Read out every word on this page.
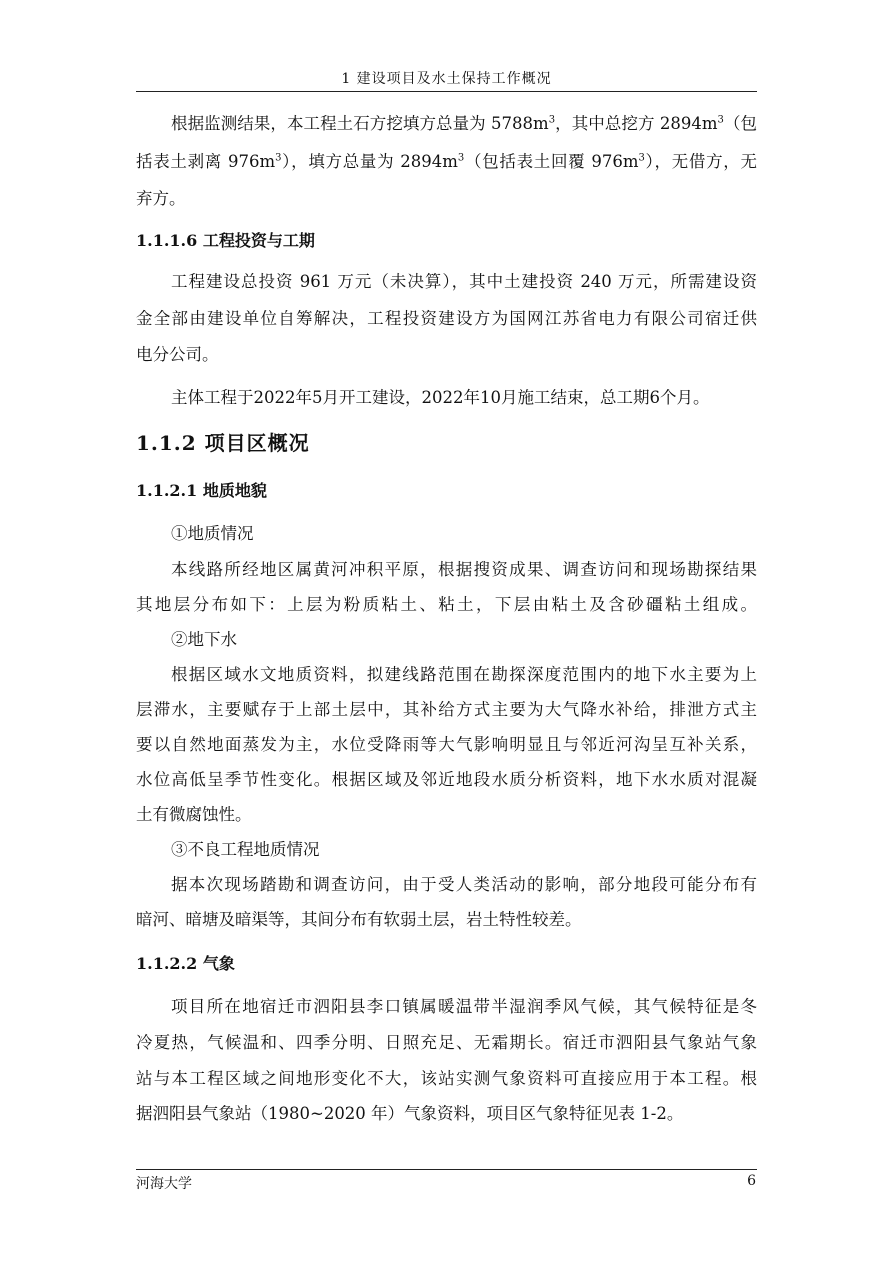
1 建设项目及水土保持工作概况
根据监测结果，本工程土石方挖填方总量为 $5788m^3$，其中总挖方 $2894m^3$（包
括表土剥离 $976m^3$），填方总量为 $2894m^3$（包括表土回覆 $976m^3$），无借方，无
弃方。
1.1.1.6 工程投资与工期
工程建设总投资 961 万元（未决算），其中土建投资 240 万元，所需建设资
金全部由建设单位自筹解决，工程投资建设方为国网江苏省电力有限公司宿迁供
电分公司。
主体工程于2022年5月开工建设，2022年10月施工结束，总工期6个月。
1.1.2 项目区概况
1.1.2.1 地质地貌
①地质情况
本线路所经地区属黄河冲积平原，根据搜资成果、调查访问和现场勘探结果
其地层分布如下：上层为粉质粘土、粘土，下层由粘土及含砂礓粘土组成。
②地下水
根据区域水文地质资料，拟建线路范围在勘探深度范围内的地下水主要为上
层滞水，主要赋存于上部土层中，其补给方式主要为大气降水补给，排泄方式主
要以自然地面蒸发为主，水位受降雨等大气影响明显且与邻近河沟呈互补关系，
水位高低呈季节性变化。根据区域及邻近地段水质分析资料，地下水水质对混凝
土有微腐蚀性。
③不良工程地质情况
据本次现场踏勘和调查访问，由于受人类活动的影响，部分地段可能分布有
暗河、暗塘及暗渠等，其间分布有软弱土层，岩土特性较差。
1.1.2.2 气象
项目所在地宿迁市泗阳县李口镇属暖温带半湿润季风气候，其气候特征是冬
冷夏热，气候温和、四季分明、日照充足、无霜期长。宿迁市泗阳县气象站气象
站与本工程区域之间地形变化不大，该站实测气象资料可直接应用于本工程。根
据泗阳县气象站（1980~2020 年）气象资料，项目区气象特征见表 1-2。
河海大学	6
